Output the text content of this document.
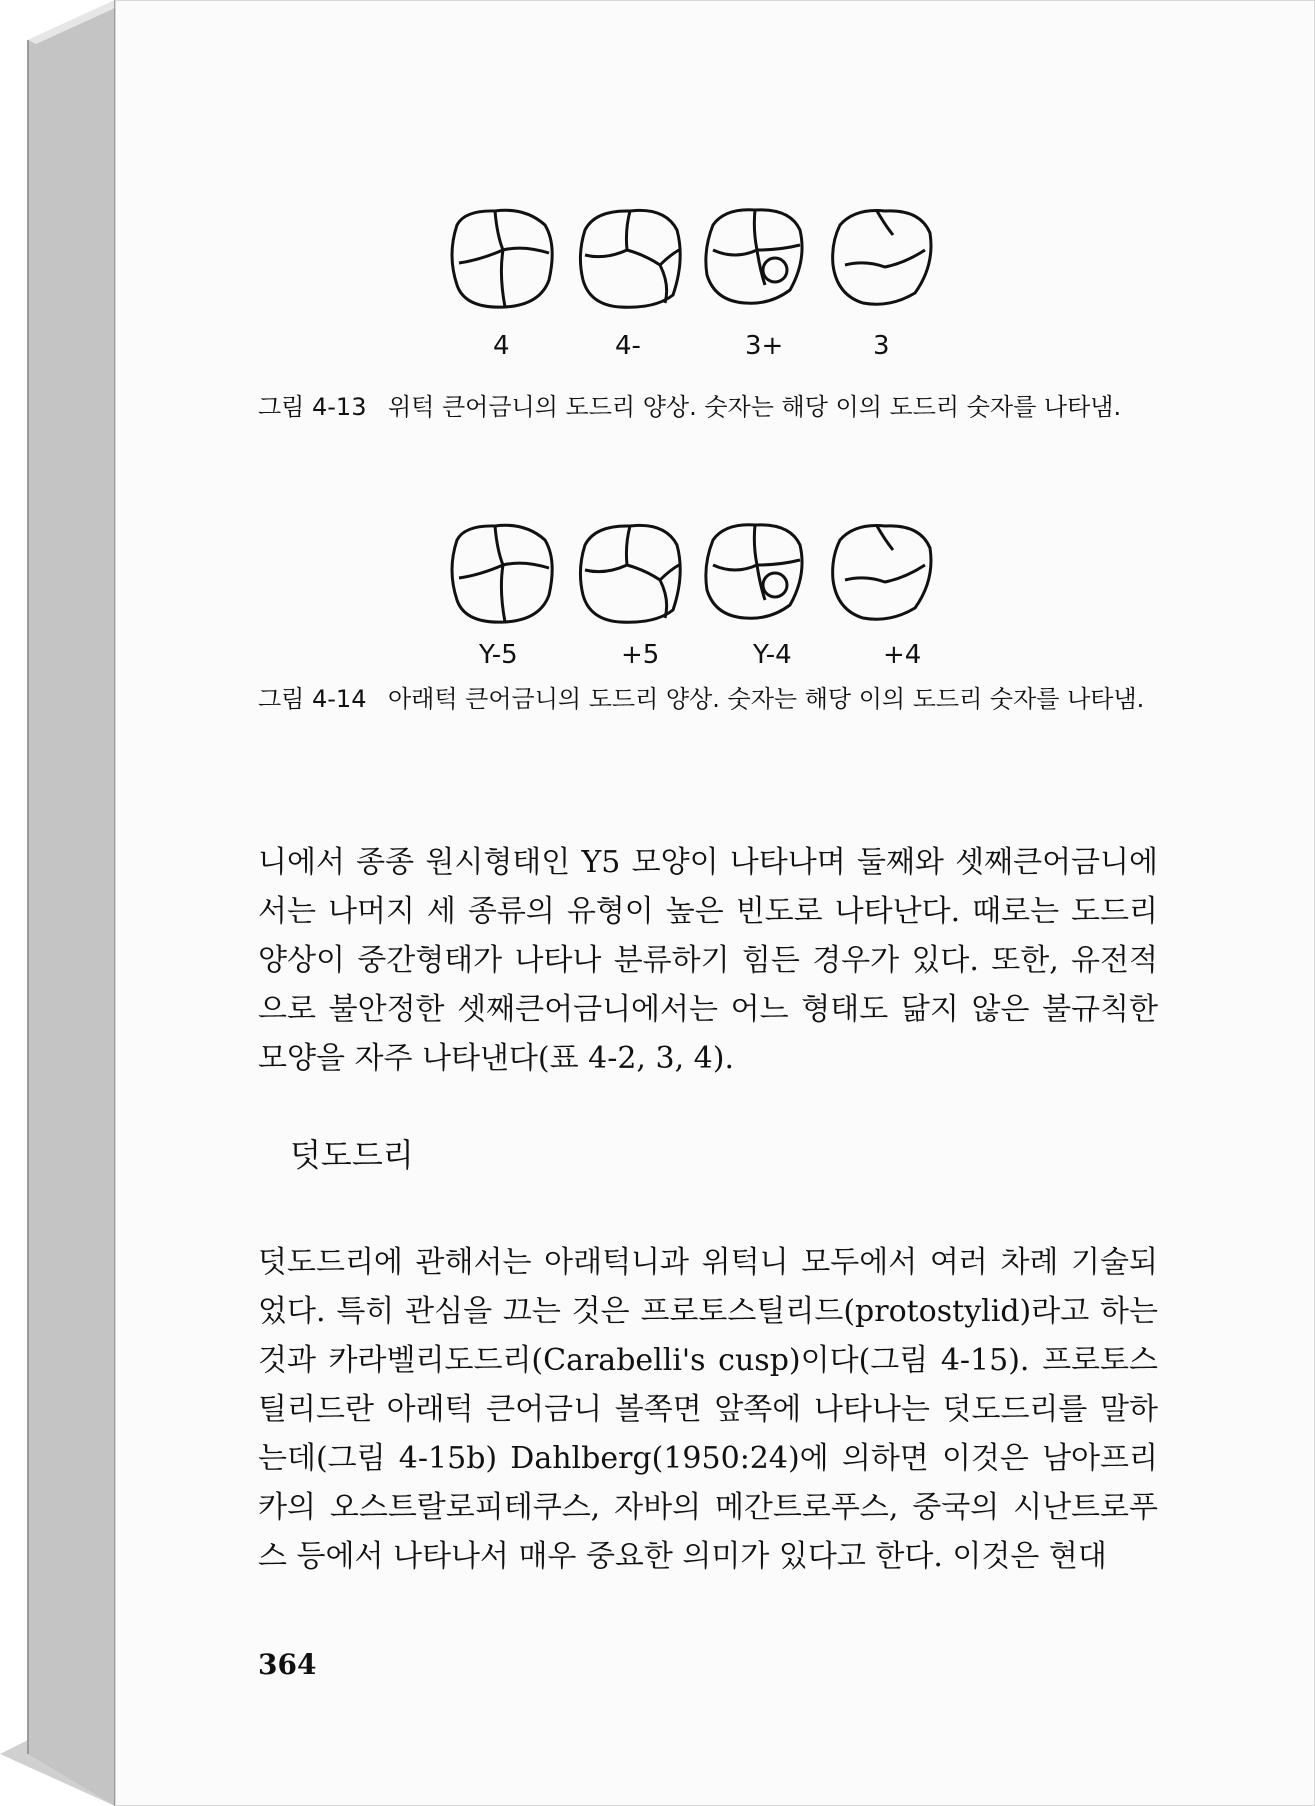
4	4-	3+	3
그림 4-13 위턱 큰어금니의 도드리 양상. 숫자는 해당 이의 도드리 숫자를 나타냄.
Y-5	+5	Y-4	+4
그림 4-14 아래턱 큰어금니의 도드리 양상. 숫자는 해당 이의 도드리 숫자를 나타냄.
니에서 종종 원시형태인 Y5 모양이 나타나며 둘째와 셋째큰어금니에서는 나머지 세 종류의 유형이 높은 빈도로 나타난다. 때로는 도드리 양상이 중간형태가 나타나 분류하기 힘든 경우가 있다. 또한, 유전적으로 불안정한 셋째큰어금니에서는 어느 형태도 닮지 않은 불규칙한 모양을 자주 나타낸다(표 4-2, 3, 4).
덧도드리
덧도드리에 관해서는 아래턱니과 위턱니 모두에서 여러 차례 기술되었다. 특히 관심을 끄는 것은 프로토스틸리드(protostylid)라고 하는 것과 카라벨리도드리(Carabelli's cusp)이다(그림 4-15). 프로토스틸리드란 아래턱 큰어금니 볼쪽면 앞쪽에 나타나는 덧도드리를 말하는데(그림 4-15b) Dahlberg(1950:24)에 의하면 이것은 남아프리카의 오스트랄로피테쿠스, 자바의 메간트로푸스, 중국의 시난트로푸스 등에서 나타나서 매우 중요한 의미가 있다고 한다. 이것은 현대
364
